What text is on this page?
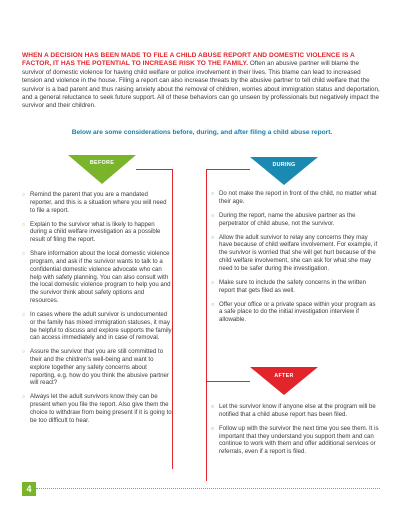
WHEN A DECISION HAS BEEN MADE TO FILE A CHILD ABUSE REPORT AND DOMESTIC VIOLENCE IS A FACTOR, IT HAS THE POTENTIAL TO INCREASE RISK TO THE FAMILY. Often an abusive partner will blame the survivor of domestic violence for having child welfare or police involvement in their lives. This blame can lead to increased tension and violence in the house. Filing a report can also increase threats by the abusive partner to tell child welfare that the survivor is a bad parent and thus raising anxiety about the removal of children, worries about immigration status and deportation, and a general reluctance to seek future support. All of these behaviors can go unseen by professionals but negatively impact the survivor and their children.
Below are some considerations before, during, and after filing a child abuse report.
BEFORE
○ Remind the parent that you are a mandated reporter, and this is a situation where you will need to file a report.
○ Explain to the survivor what is likely to happen during a child welfare investigation as a possible result of filing the report.
○ Share information about the local domestic violence program, and ask if the survivor wants to talk to a confidential domestic violence advocate who can help with safety planning. You can also consult with the local domestic violence program to help you and the survivor think about safety options and resources.
○ In cases where the adult survivor is undocumented or the family has mixed immigration statuses, it may be helpful to discuss and explore supports the family can access immediately and in case of removal.
○ Assure the survivor that you are still committed to their and the children's well-being and want to explore together any safety concerns about reporting, e.g. how do you think the abusive partner will react?
○ Always let the adult survivors know they can be present when you file the report. Also give them the choice to withdraw from being present if it is going to be too difficult to hear.
DURING
○ Do not make the report in front of the child, no matter what their age.
○ During the report, name the abusive partner as the perpetrator of child abuse, not the survivor.
○ Allow the adult survivor to relay any concerns they may have because of child welfare involvement. For example, if the survivor is worried that she will get hurt because of the child welfare involvement, she can ask for what she may need to be safer during the investigation.
○ Make sure to include the safety concerns in the written report that gets filed as well.
○ Offer your office or a private space within your program as a safe place to do the initial investigation interview if allowable.
AFTER
○ Let the survivor know if anyone else at the program will be notified that a child abuse report has been filed.
○ Follow up with the survivor the next time you see them. It is important that they understand you support them and can continue to work with them and offer additional services or referrals, even if a report is filed.
4
